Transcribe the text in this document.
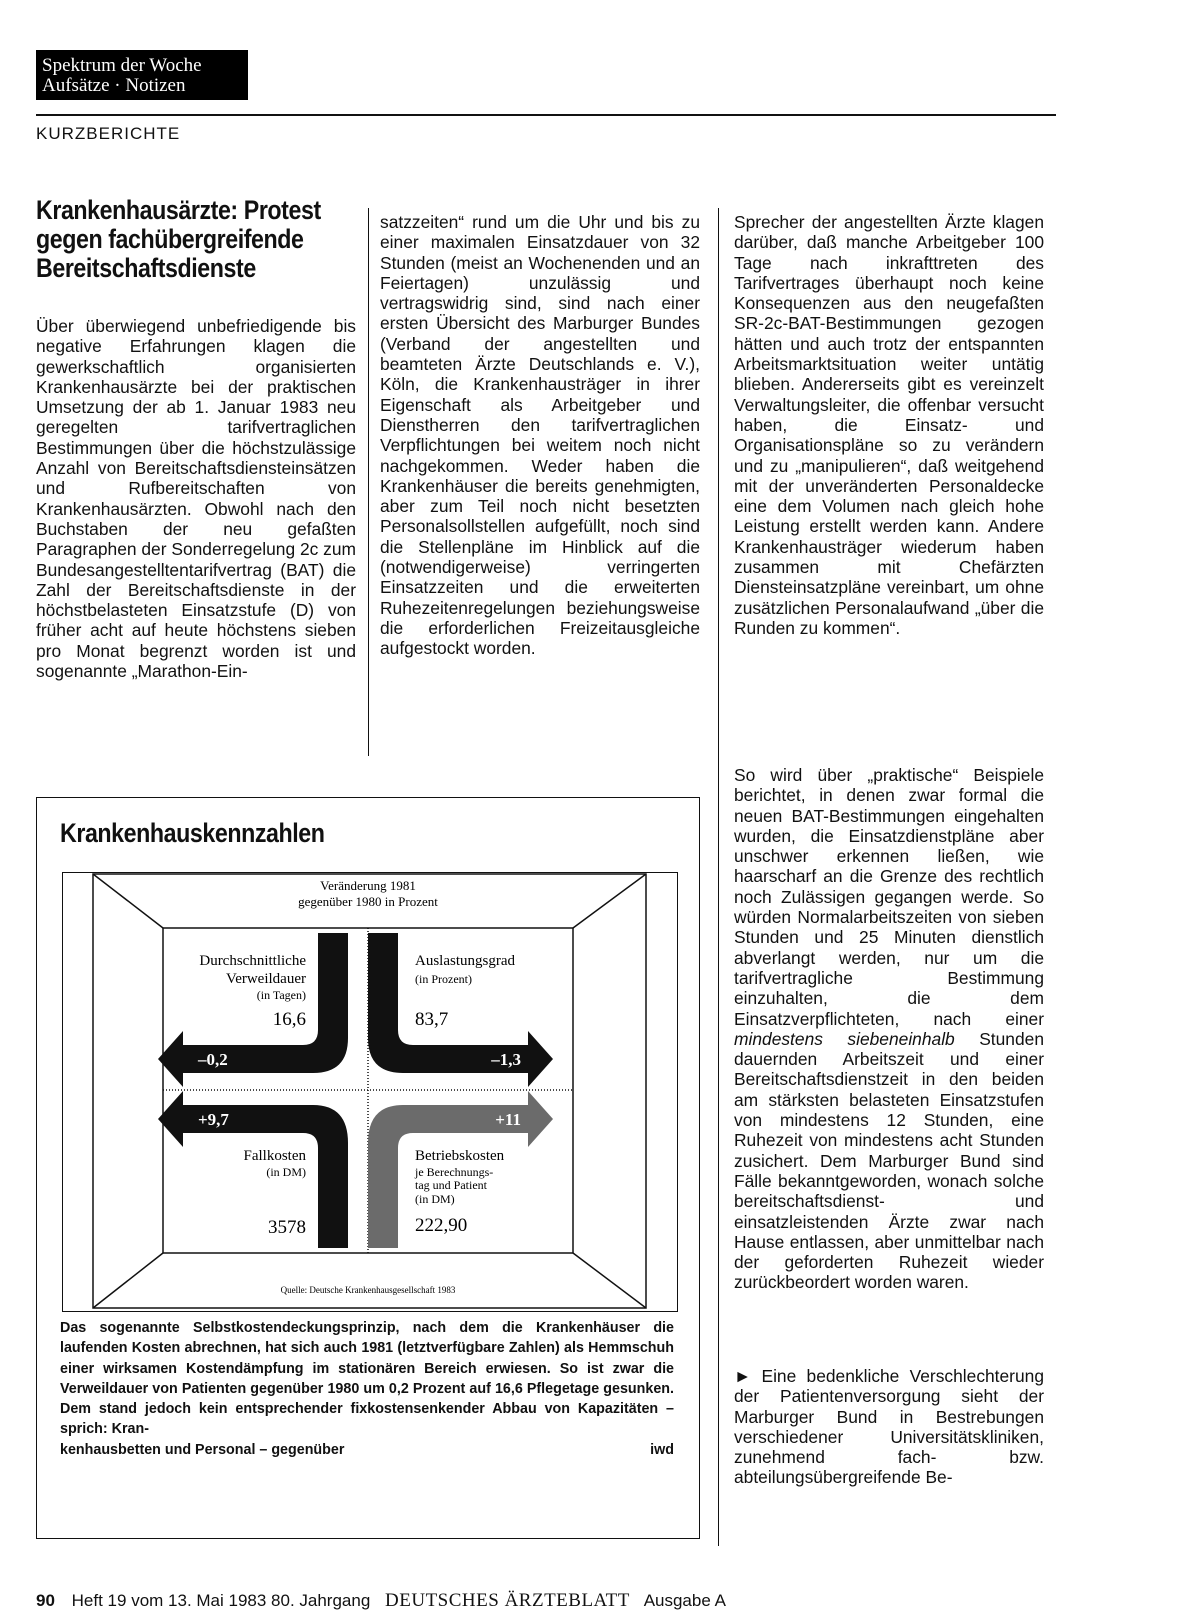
Spektrum der Woche
Aufsätze · Notizen
KURZBERICHTE
Krankenhausärzte: Protest gegen fachübergreifende Bereitschaftsdienste
Über überwiegend unbefriedigende bis negative Erfahrungen klagen die gewerkschaftlich organisierten Krankenhausärzte bei der praktischen Umsetzung der ab 1. Januar 1983 neu geregelten tarifvertraglichen Bestimmungen über die höchstzulässige Anzahl von Bereitschaftsdiensteinsätzen und Rufbereitschaften von Krankenhausärzten. Obwohl nach den Buchstaben der neu gefaßten Paragraphen der Sonderregelung 2c zum Bundesangestelltentarifvertrag (BAT) die Zahl der Bereitschaftsdienste in der höchstbelasteten Einsatzstufe (D) von früher acht auf heute höchstens sieben pro Monat begrenzt worden ist und sogenannte „Marathon-Ein-
satzzeiten“ rund um die Uhr und bis zu einer maximalen Einsatzdauer von 32 Stunden (meist an Wochenenden und an Feiertagen) unzulässig und vertragswidrig sind, sind nach einer ersten Übersicht des Marburger Bundes (Verband der angestellten und beamteten Ärzte Deutschlands e. V.), Köln, die Krankenhausträger in ihrer Eigenschaft als Arbeitgeber und Dienstherren den tarifvertraglichen Verpflichtungen bei weitem noch nicht nachgekommen. Weder haben die Krankenhäuser die bereits genehmigten, aber zum Teil noch nicht besetzten Personalsollstellen aufgefüllt, noch sind die Stellenpläne im Hinblick auf die (notwendigerweise) verringerten Einsatzzeiten und die erweiterten Ruhezeitenregelungen beziehungsweise die erforderlichen Freizeitausgleiche aufgestockt worden.
Sprecher der angestellten Ärzte klagen darüber, daß manche Arbeitgeber 100 Tage nach inkrafttreten des Tarifvertrages überhaupt noch keine Konsequenzen aus den neugefaßten SR-2c-BAT-Bestimmungen gezogen hätten und auch trotz der entspannten Arbeitsmarktsituation weiter untätig blieben. Andererseits gibt es vereinzelt Verwaltungsleiter, die offenbar versucht haben, die Einsatz- und Organisationspläne so zu verändern und zu „manipulieren“, daß weitgehend mit der unveränderten Personaldecke eine dem Volumen nach gleich hohe Leistung erstellt werden kann. Andere Krankenhausträger wiederum haben zusammen mit Chefärzten Diensteinsatzpläne vereinbart, um ohne zusätzlichen Personalaufwand „über die Runden zu kommen“.
So wird über „praktische“ Beispiele berichtet, in denen zwar formal die neuen BAT-Bestimmungen eingehalten wurden, die Einsatzdienstpläne aber unschwer erkennen ließen, wie haarscharf an die Grenze des rechtlich noch Zulässigen gegangen werde. So würden Normalarbeitszeiten von sieben Stunden und 25 Minuten dienstlich abverlangt werden, nur um die tarifvertragliche Bestimmung einzuhalten, die dem Einsatzverpflichteten, nach einer mindestens siebeneinhalb Stunden dauernden Arbeitszeit und einer Bereitschaftsdienstzeit in den beiden am stärksten belasteten Einsatzstufen von mindestens 12 Stunden, eine Ruhezeit von mindestens acht Stunden zusichert. Dem Marburger Bund sind Fälle bekanntgeworden, wonach solche bereitschaftsdienst- und einsatzleistenden Ärzte zwar nach Hause entlassen, aber unmittelbar nach der geforderten Ruhezeit wieder zurückbeordert worden waren.
► Eine bedenkliche Verschlechterung der Patientenversorgung sieht der Marburger Bund in Bestrebungen verschiedener Universitätskliniken, zunehmend fach- bzw. abteilungsübergreifende Be-
Krankenhauskennzahlen
Veränderung 1981
gegenüber 1980 in Prozent
Durchschnittliche
Verweildauer
(in Tagen)
16,6
–0,2
Auslastungsgrad
(in Prozent)
83,7
–1,3
+9,7
Fallkosten
(in DM)
3578
+11
Betriebskosten
je Berechnungs-
tag und Patient
(in DM)
222,90
Quelle: Deutsche Krankenhausgesellschaft 1983
Das sogenannte Selbstkostendeckungsprinzip, nach dem die Krankenhäuser die laufenden Kosten abrechnen, hat sich auch 1981 (letztverfügbare Zahlen) als Hemmschuh einer wirksamen Kostendämpfung im stationären Bereich erwiesen. So ist zwar die Verweildauer von Patienten gegenüber 1980 um 0,2 Prozent auf 16,6 Pflegetage gesunken. Dem stand jedoch kein entsprechender fixkostensenkender Abbau von Kapazitäten – sprich: Kran-
kenhausbetten und Personal – gegenüber	iwd
90 Heft 19 vom 13. Mai 1983 80. Jahrgang DEUTSCHES ÄRZTEBLATT Ausgabe A
